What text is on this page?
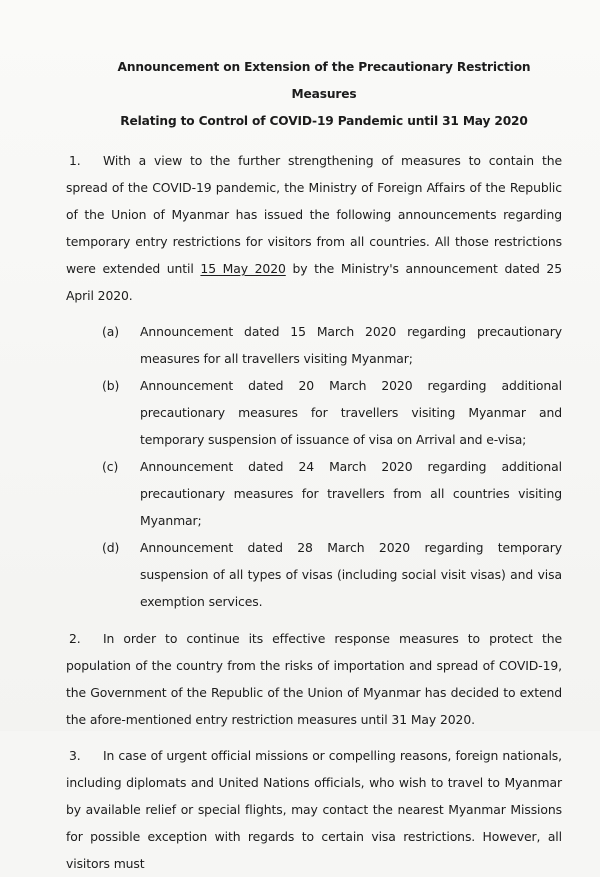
Announcement on Extension of the Precautionary Restriction Measures
Relating to Control of COVID-19 Pandemic until 31 May 2020

1. With a view to the further strengthening of measures to contain the spread of the COVID-19 pandemic, the Ministry of Foreign Affairs of the Republic of the Union of Myanmar has issued the following announcements regarding temporary entry restrictions for visitors from all countries. All those restrictions were extended until 15 May 2020 by the Ministry's announcement dated 25 April 2020.

(a) Announcement dated 15 March 2020 regarding precautionary measures for all travellers visiting Myanmar;
(b) Announcement dated 20 March 2020 regarding additional precautionary measures for travellers visiting Myanmar and temporary suspension of issuance of visa on Arrival and e-visa;
(c) Announcement dated 24 March 2020 regarding additional precautionary measures for travellers from all countries visiting Myanmar;
(d) Announcement dated 28 March 2020 regarding temporary suspension of all types of visas (including social visit visas) and visa exemption services.

2. In order to continue its effective response measures to protect the population of the country from the risks of importation and spread of COVID-19, the Government of the Republic of the Union of Myanmar has decided to extend the afore-mentioned entry restriction measures until 31 May 2020.

3. In case of urgent official missions or compelling reasons, foreign nationals, including diplomats and United Nations officials, who wish to travel to Myanmar by available relief or special flights, may contact the nearest Myanmar Missions for possible exception with regards to certain visa restrictions. However, all visitors must
